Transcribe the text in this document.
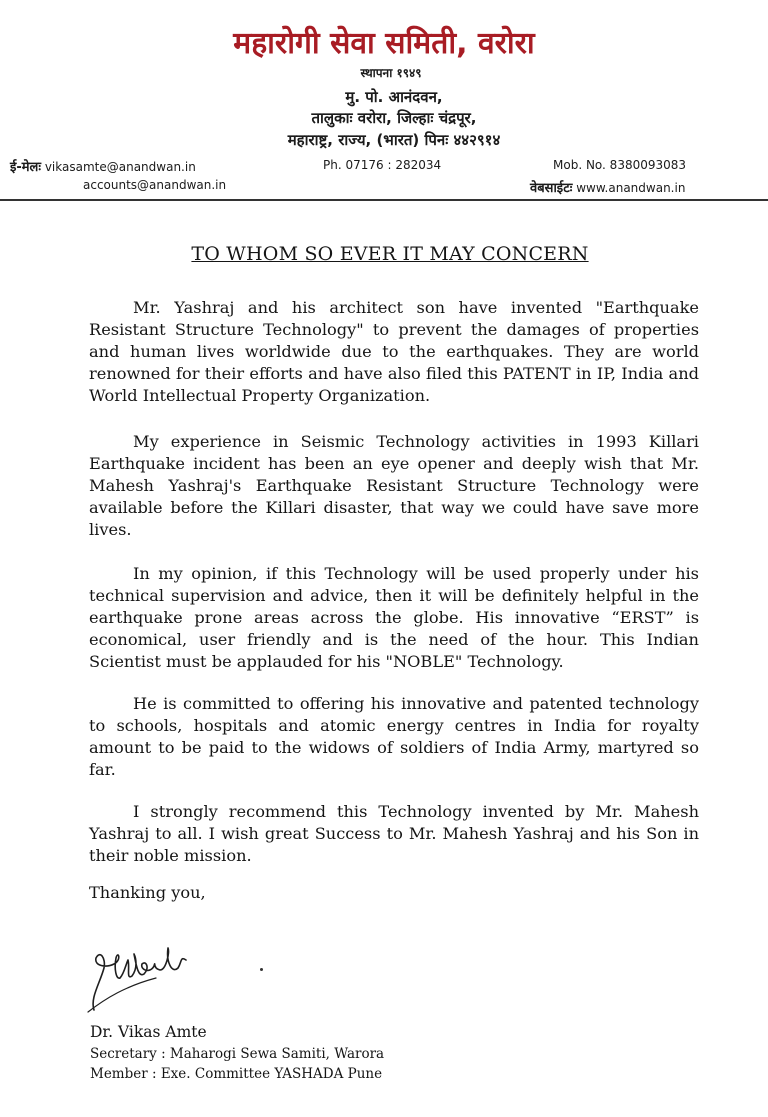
महारोगी सेवा समिती, वरोरा

स्थापना १९४९

मु. पो. आनंदवन,

तालुकाः वरोरा, जिल्हाः चंद्रपूर,

महाराष्ट्र, राज्य, (भारत) पिनः ४४२९१४

ई-मेलः vikasamte@anandwan.in
accounts@anandwan.in
Ph. 07176 : 282034	Mob. No. 8380093083
वेबसाईटः www.anandwan.in

TO WHOM SO EVER IT MAY CONCERN

Mr. Yashraj and his architect son have invented "Earthquake Resistant Structure Technology" to prevent the damages of properties and human lives worldwide due to the earthquakes. They are world renowned for their efforts and have also filed this PATENT in IP, India and World Intellectual Property Organization.

My experience in Seismic Technology activities in 1993 Killari Earthquake incident has been an eye opener and deeply wish that Mr. Mahesh Yashraj's Earthquake Resistant Structure Technology were available before the Killari disaster, that way we could have save more lives.

In my opinion, if this Technology will be used properly under his technical supervision and advice, then it will be definitely helpful in the earthquake prone areas across the globe. His innovative “ERST” is economical, user friendly and is the need of the hour. This Indian Scientist must be applauded for his "NOBLE" Technology.

He is committed to offering his innovative and patented technology to schools, hospitals and atomic energy centres in India for royalty amount to be paid to the widows of soldiers of India Army, martyred so far.

I strongly recommend this Technology invented by Mr. Mahesh Yashraj to all. I wish great Success to Mr. Mahesh Yashraj and his Son in their noble mission.

Thanking you,

Dr. Vikas Amte

Secretary : Maharogi Sewa Samiti, Warora

Member : Exe. Committee YASHADA Pune
